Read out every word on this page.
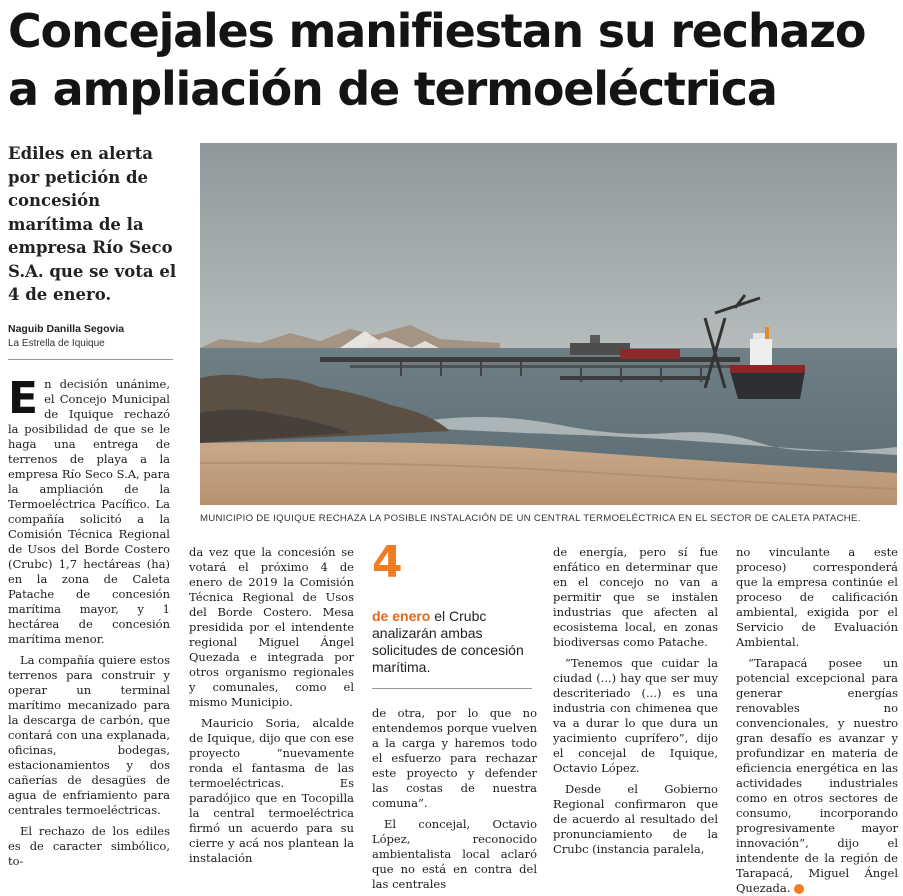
Concejales manifiestan su rechazo a ampliación de termoeléctrica

Ediles en alerta por petición de concesión marítima de la empresa Río Seco S.A. que se vota el 4 de enero.

Naguib Danilla Segovia
La Estrella de Iquique
MUNICIPIO DE IQUIQUE RECHAZA LA POSIBLE INSTALACIÓN DE UN CENTRAL TERMOELÉCTRICA EN EL SECTOR DE CALETA PATACHE.

En decisión unánime, el Concejo Municipal de Iquique rechazó la posibilidad de que se le haga una entrega de terrenos de playa a la empresa Río Seco S.A, para la ampliación de la Termoeléctrica Pacífico. La compañía solicitó a la Comisión Técnica Regional de Usos del Borde Costero (Crubc) 1,7 hectáreas (ha) en la zona de Caleta Patache de concesión marítima mayor, y 1 hectárea de concesión marítima menor.

La compañía quiere estos terrenos para construir y operar un terminal marítimo mecanizado para la descarga de carbón, que contará con una explanada, oficinas, bodegas, estacionamientos y dos cañerías de desagües de agua de enfriamiento para centrales termoeléctricas.

El rechazo de los ediles es de caracter simbólico, to-

da vez que la concesión se votará el próximo 4 de enero de 2019 la Comisión Técnica Regional de Usos del Borde Costero. Mesa presidida por el intendente regional Miguel Ángel Quezada e integrada por otros organismo regionales y comunales, como el mismo Municipio.

Mauricio Soria, alcalde de Iquique, dijo que con ese proyecto “nuevamente ronda el fantasma de las termoeléctricas. Es paradójico que en Tocopilla la central termoeléctrica firmó un acuerdo para su cierre y acá nos plantean la instalación

4
de enero el Crubc analizarán ambas solicitudes de concesión marítima.

de otra, por lo que no entendemos porque vuelven a la carga y haremos todo el esfuerzo para rechazar este proyecto y defender las costas de nuestra comuna”.

El concejal, Octavio López, reconocido ambientalista local aclaró que no está en contra del las centrales

de energía, pero sí fue enfático en determinar que en el concejo no van a permitir que se instalen industrias que afecten al ecosistema local, en zonas biodiversas como Patache.

“Tenemos que cuidar la ciudad (...) hay que ser muy descriteriado (...) es una industria con chimenea que va a durar lo que dura un yacimiento cuprífero”, dijo el concejal de Iquique, Octavio López.

Desde el Gobierno Regional confirmaron que de acuerdo al resultado del pronunciamiento de la Crubc (instancia paralela,

no vinculante a este proceso) corresponderá que la empresa continúe el proceso de calificación ambiental, exigida por el Servicio de Evaluación Ambiental.

“Tarapacá posee un potencial excepcional para generar energías renovables no convencionales, y nuestro gran desafío es avanzar y profundizar en materia de eficiencia energética en las actividades industriales como en otros sectores de consumo, incorporando progresivamente mayor innovación”, dijo el intendente de la región de Tarapacá, Miguel Ángel Quezada. ✪
